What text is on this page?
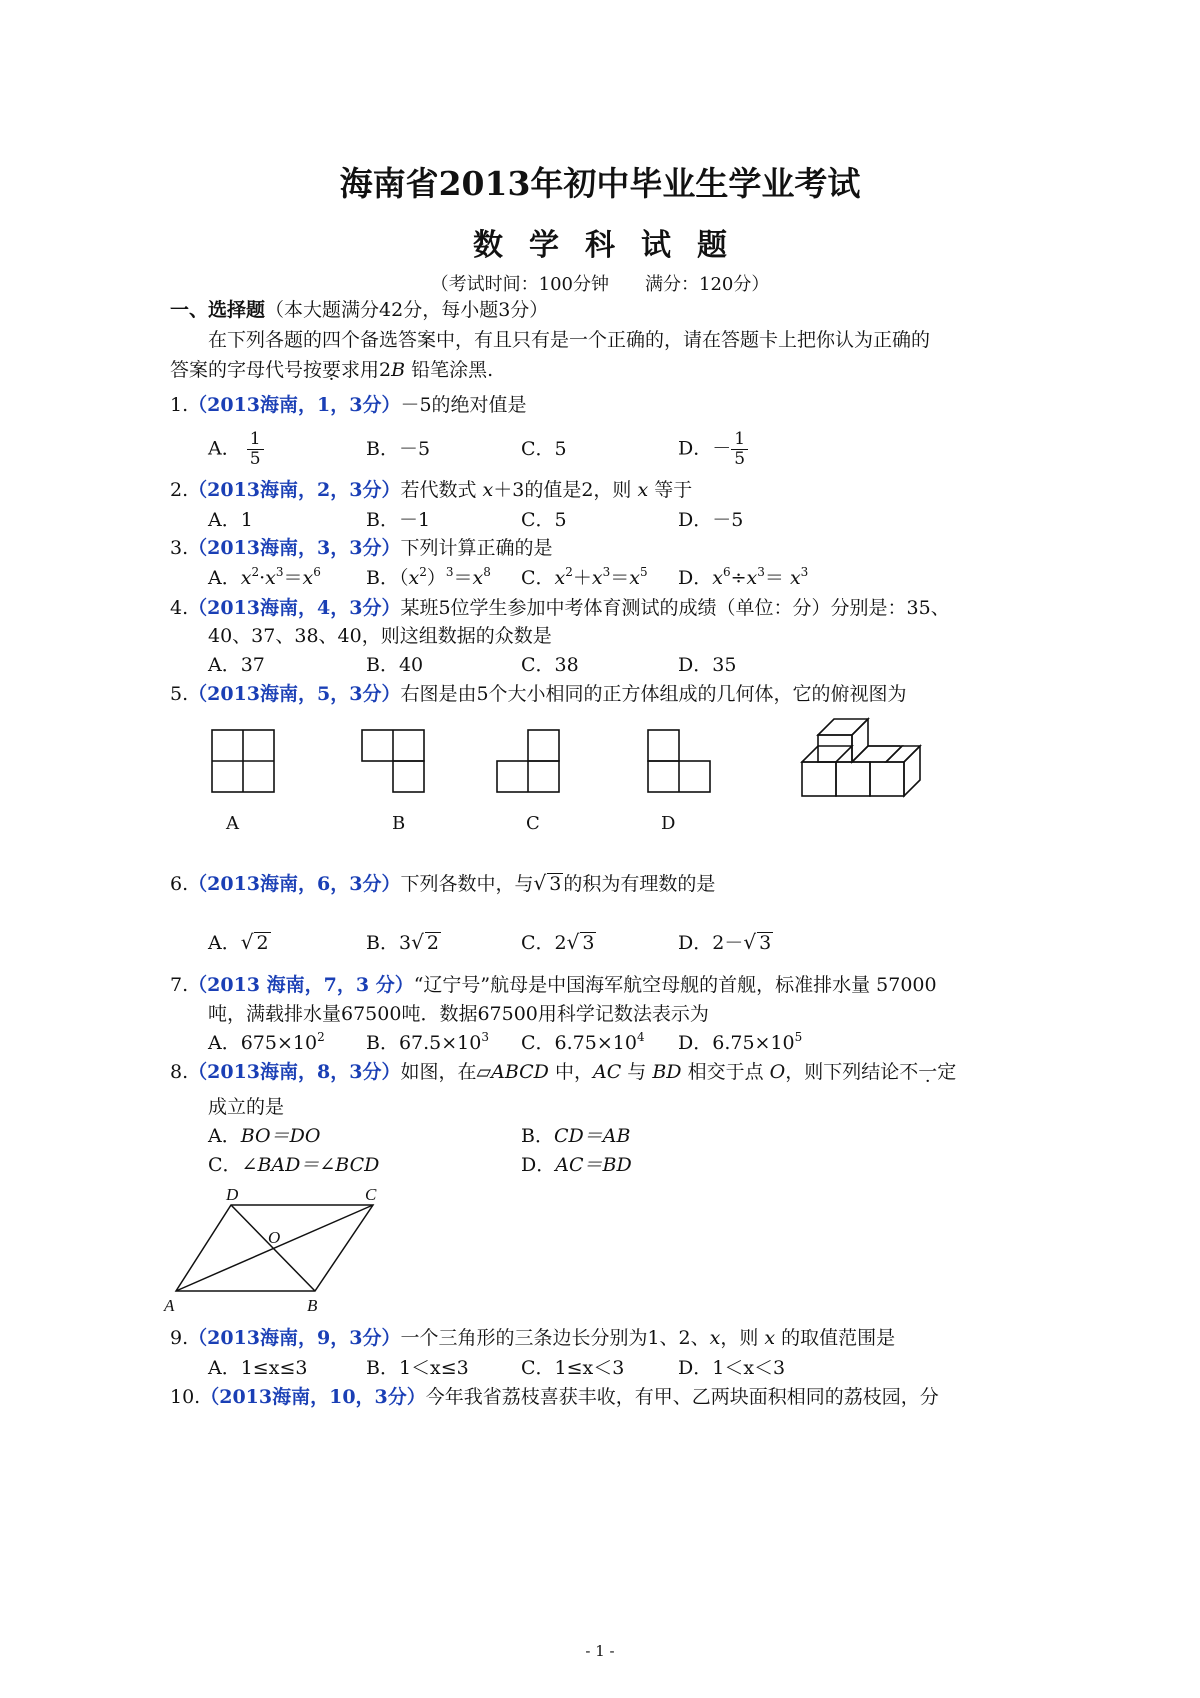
海南省2013年初中毕业生学业考试
数学科试题
（考试时间：100分钟 满分：120分）
一、选择题（本大题满分42分，每小题3分）
在下列各题的四个备选答案中，有且只有是一个正确的，请在答题卡上把你认为正确的
答案的字母代号按要求用2B 铅笔涂黑.
1.（2013海南，1，3分）－5的绝对值是
A． $\frac{1}{5}$	B．－5	C．5	D．－ $\frac{1}{5}$
2.（2013海南，2，3分）若代数式 x＋3的值是2，则 x 等于
A．1	B．－1	C．5	D．－5
3.（2013海南，3，3分）下列计算正确的是
A．$x^2\cdot x^3=x^6$ B．$(x^2)^3=x^8$ C．$x^2+x^3=x^5$ D．$x^6\div x^3= x^3$
4.（2013海南，4，3分）某班5位学生参加中考体育测试的成绩（单位：分）分别是：35、
40、37、38、40，则这组数据的众数是
A．37	B．40	C．38	D．35
5.（2013海南，5，3分）右图是由5个大小相同的正方体组成的几何体，它的俯视图为
A	B	C	D
6.（2013海南，6，3分）下列各数中，与√ 3 的积为有理数的是
A．√ 2	B．3√ 2	C．2√ 3	D．2－√ 3
7.（2013 海南，7，3 分）“辽宁号”航母是中国海军航空母舰的首舰，标准排水量 57000
吨，满载排水量67500吨．数据67500用科学记数法表示为
A．$675\times 10^2$ B．$67.5\times 10^3$ C．$6.75\times 10^4$ D．$6.75\times 10^5$
8.（2013海南，8，3分）如图，在▱ABCD 中，AC 与 BD 相交于点 O，则下列结论不一定
成立的是
A．BO＝DO	B．CD＝AB
C．∠BAD＝∠BCD	D．AC＝BD
D	C
O
A	B
9.（2013海南，9，3分）一个三角形的三条边长分别为1、2、x，则 x 的取值范围是
A．1≤x≤3	B．1＜x≤3	C．1≤x＜3	D．1＜x＜3
10.（2013海南，10，3分）今年我省荔枝喜获丰收，有甲、乙两块面积相同的荔枝园，分
- 1 -
